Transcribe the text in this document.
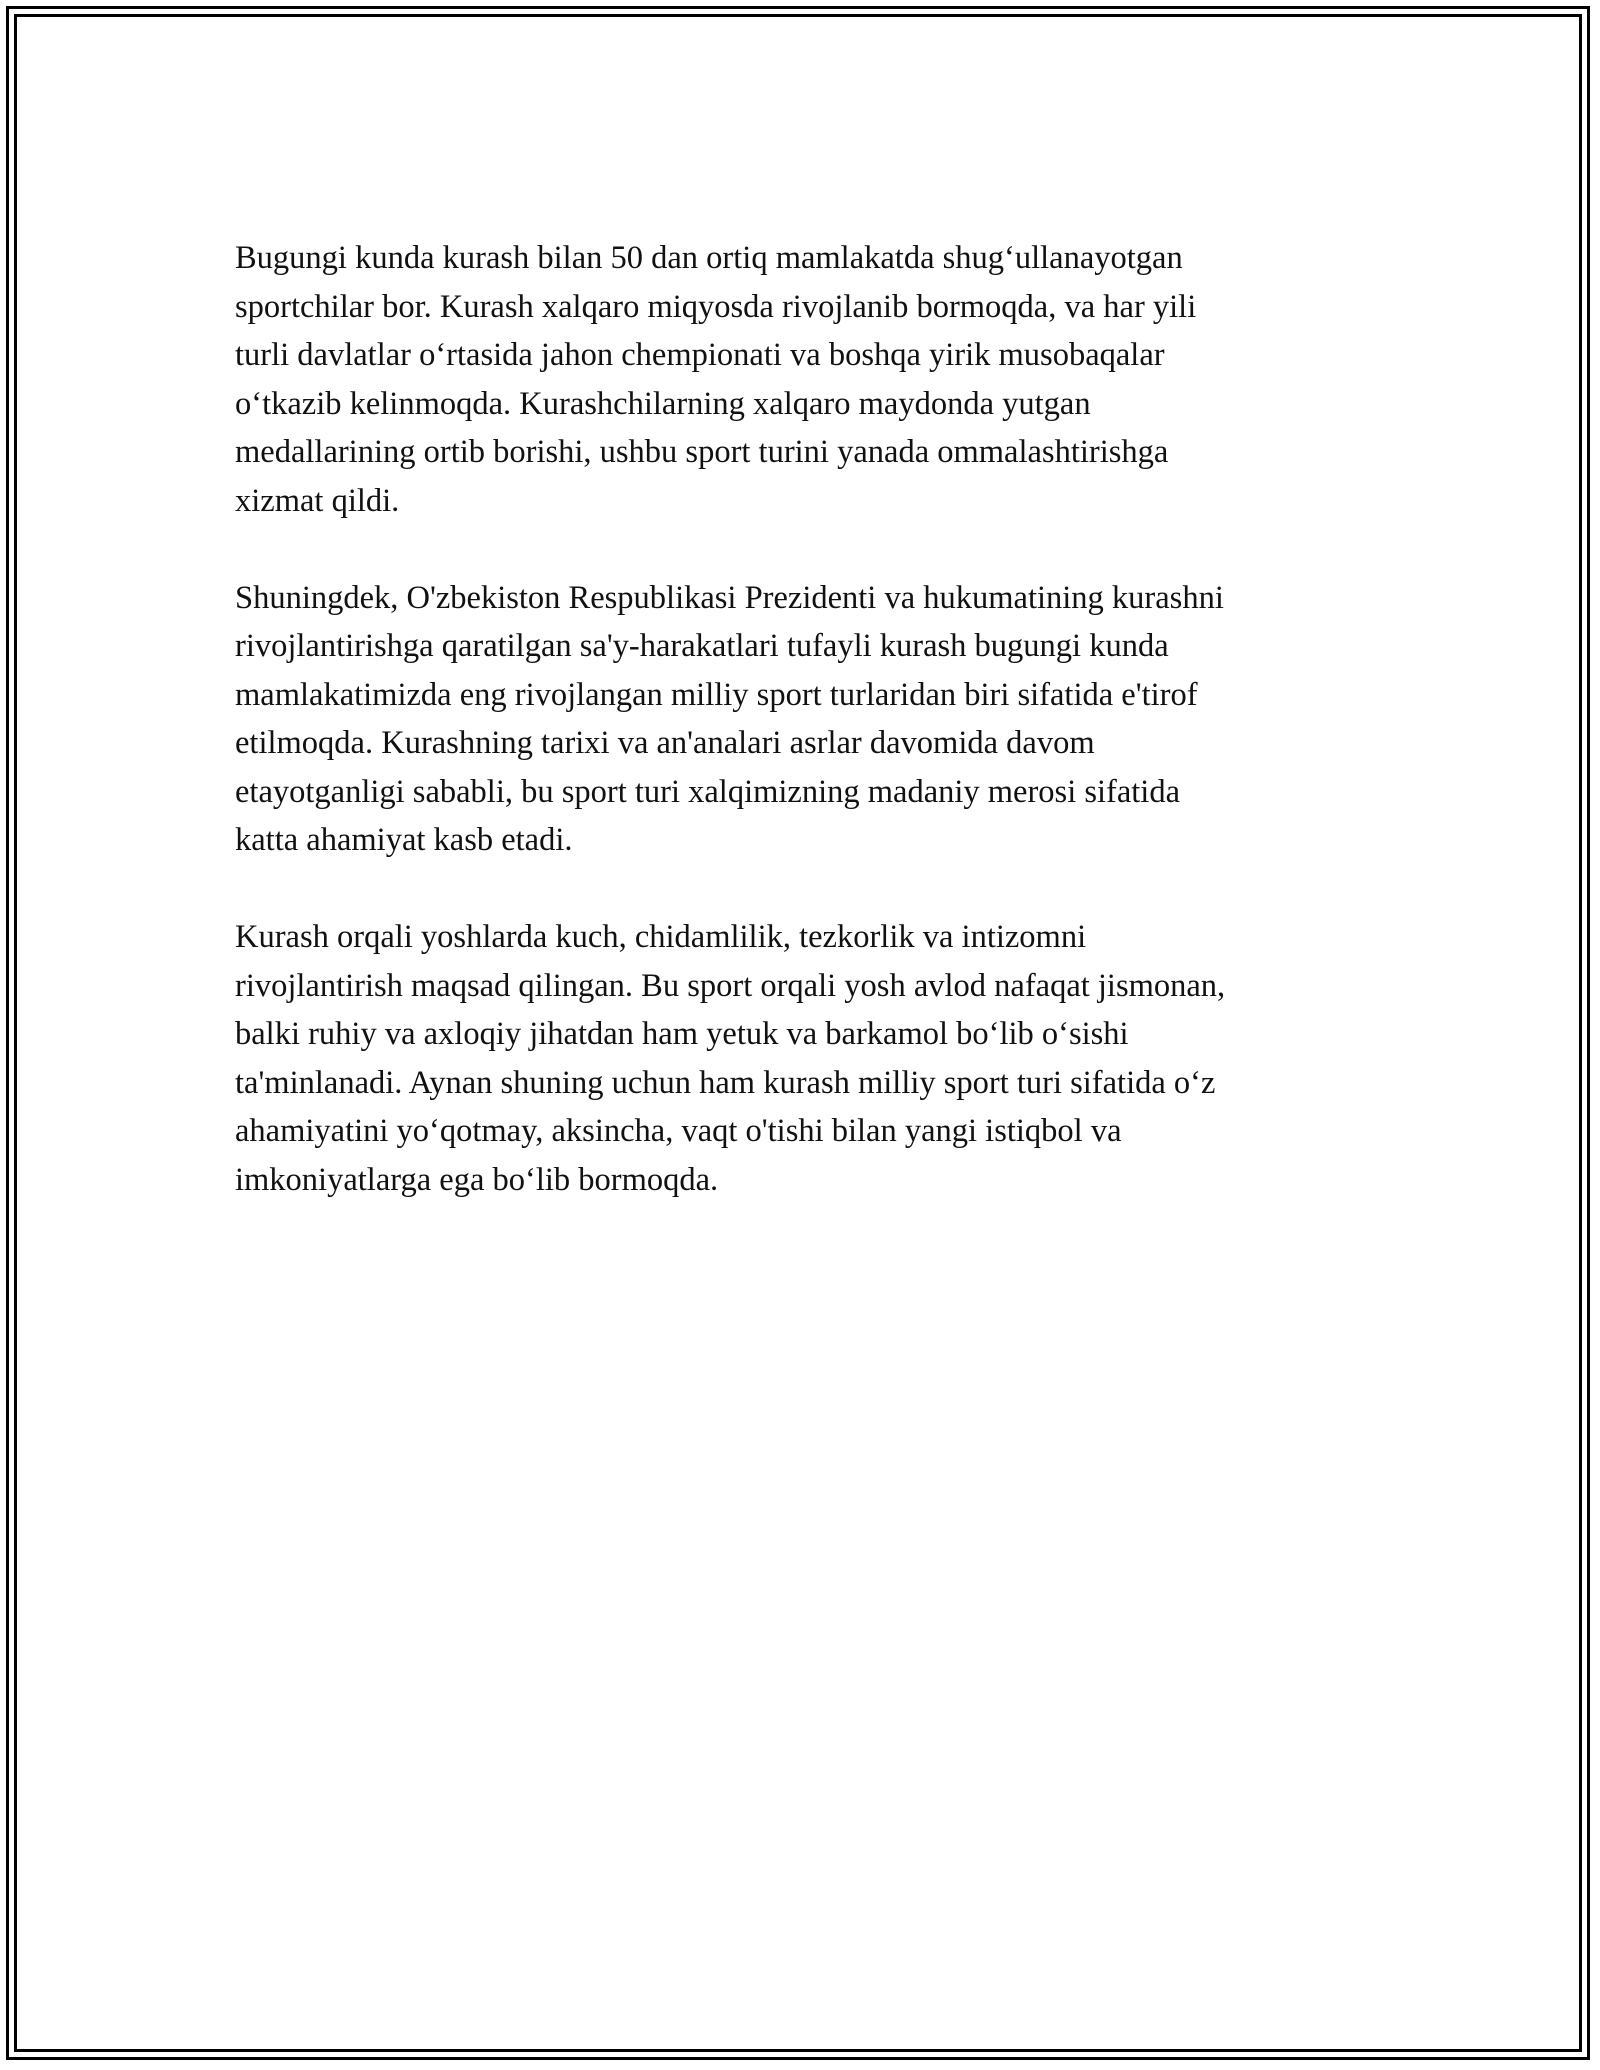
Bugungi kunda kurash bilan 50 dan ortiq mamlakatda shug‘ullanayotgan
sportchilar bor. Kurash xalqaro miqyosda rivojlanib bormoqda, va har yili
turli davlatlar o‘rtasida jahon chempionati va boshqa yirik musobaqalar
o‘tkazib kelinmoqda. Kurashchilarning xalqaro maydonda yutgan
medallarining ortib borishi, ushbu sport turini yanada ommalashtirishga
xizmat qildi.

Shuningdek, O'zbekiston Respublikasi Prezidenti va hukumatining kurashni
rivojlantirishga qaratilgan sa'y-harakatlari tufayli kurash bugungi kunda
mamlakatimizda eng rivojlangan milliy sport turlaridan biri sifatida e'tirof
etilmoqda. Kurashning tarixi va an'analari asrlar davomida davom
etayotganligi sababli, bu sport turi xalqimizning madaniy merosi sifatida
katta ahamiyat kasb etadi.

Kurash orqali yoshlarda kuch, chidamlilik, tezkorlik va intizomni
rivojlantirish maqsad qilingan. Bu sport orqali yosh avlod nafaqat jismonan,
balki ruhiy va axloqiy jihatdan ham yetuk va barkamol bo‘lib o‘sishi
ta'minlanadi. Aynan shuning uchun ham kurash milliy sport turi sifatida o‘z
ahamiyatini yo‘qotmay, aksincha, vaqt o'tishi bilan yangi istiqbol va
imkoniyatlarga ega bo‘lib bormoqda.
